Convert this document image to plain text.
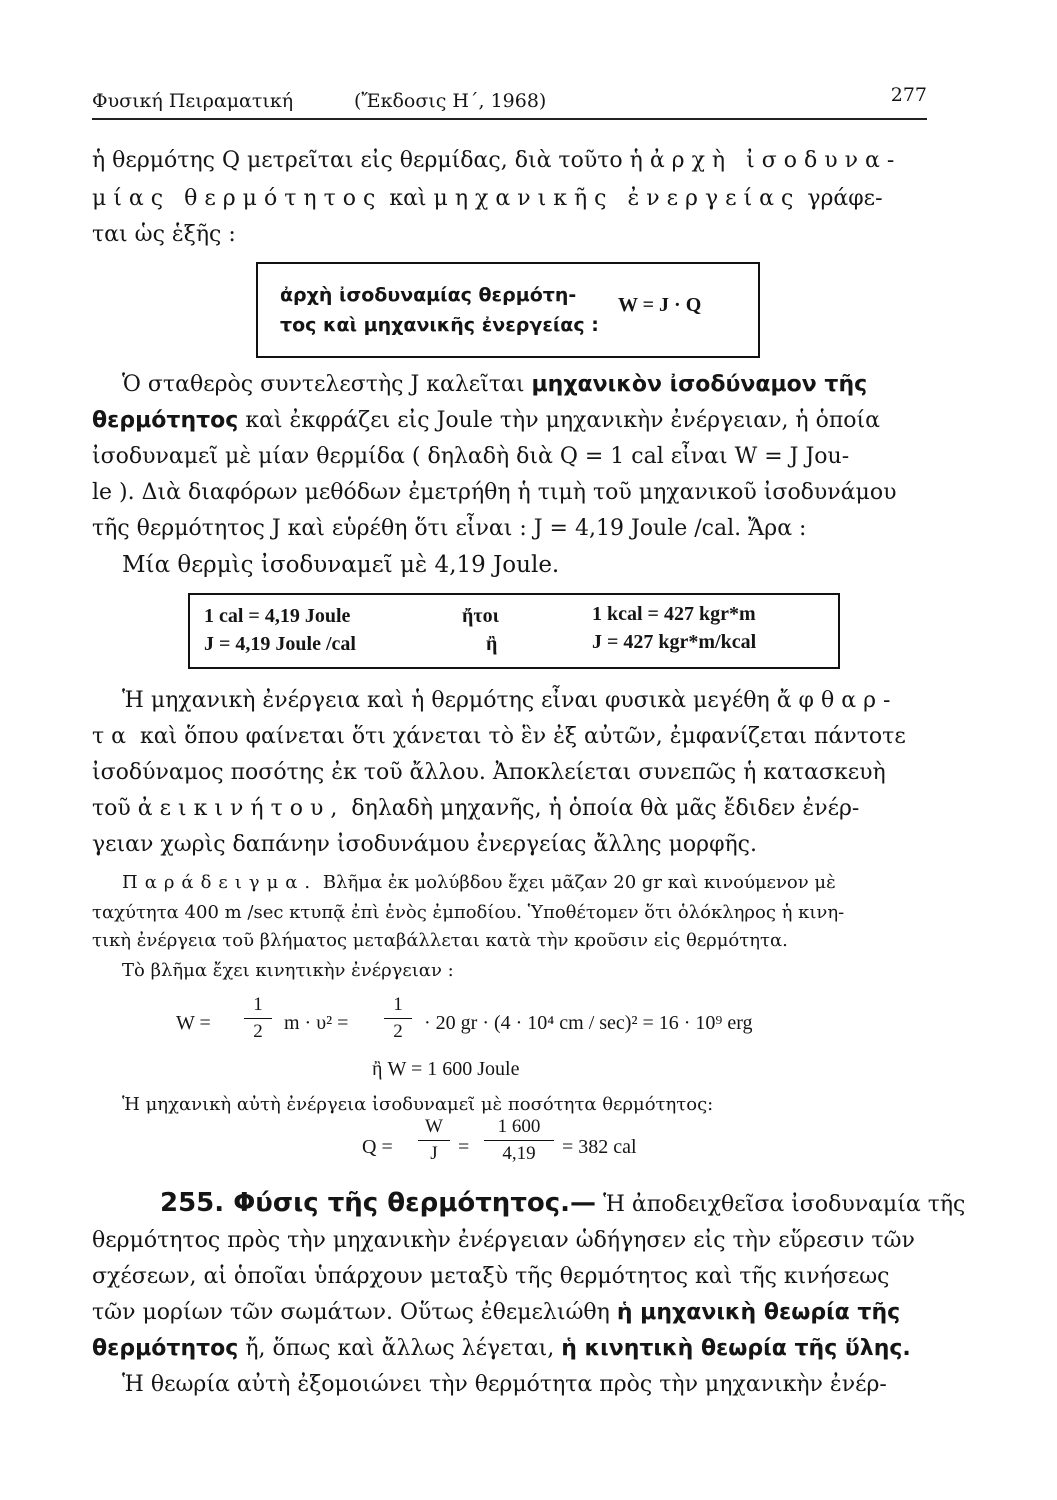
Φυσική Πειραματική	(Ἔκδοσις Η΄, 1968)	277
ἡ θερμότης Q μετρεῖται εἰς θερμίδας, διὰ τοῦτο ἡ ἀρχὴ ἰσοδυνα-
μίας θερμότητος καὶ μηχανικῆς ἐνεργείας γράφε-
ται ὡς ἑξῆς :
ἀρχὴ ἰσοδυναμίας θερμότη-
τος καὶ μηχανικῆς ἐνεργείας :
W = J · Q
Ὁ σταθερὸς συντελεστὴς J καλεῖται μηχανικὸν ἰσοδύναμον τῆς
θερμότητος καὶ ἐκφράζει εἰς Joule τὴν μηχανικὴν ἐνέργειαν, ἡ ὁποία
ἰσοδυναμεῖ μὲ μίαν θερμίδα ( δηλαδὴ διὰ Q = 1 cal εἶναι W = J Jou-
le ). Διὰ διαφόρων μεθόδων ἐμετρήθη ἡ τιμὴ τοῦ μηχανικοῦ ἰσοδυνάμου
τῆς θερμότητος J καὶ εὑρέθη ὅτι εἶναι : J = 4,19 Joule /cal. Ἄρα :
Μία θερμὶς ἰσοδυναμεῖ μὲ 4,19 Joule.
1 cal = 4,19 Joule	ἤτοι	1 kcal = 427 kgr*m
J = 4,19 Joule /cal	ἢ	J = 427 kgr*m/kcal
Ἡ μηχανικὴ ἐνέργεια καὶ ἡ θερμότης εἶναι φυσικὰ μεγέθη ἄφθαρ-
τα καὶ ὅπου φαίνεται ὅτι χάνεται τὸ ἓν ἐξ αὐτῶν, ἐμφανίζεται πάντοτε
ἰσοδύναμος ποσότης ἐκ τοῦ ἄλλου. Ἀποκλείεται συνεπῶς ἡ κατασκευὴ
τοῦ ἀεικινήτου, δηλαδὴ μηχανῆς, ἡ ὁποία θὰ μᾶς ἔδιδεν ἐνέρ-
γειαν χωρὶς δαπάνην ἰσοδυνάμου ἐνεργείας ἄλλης μορφῆς.
Παράδειγμα. Βλῆμα ἐκ μολύβδου ἔχει μᾶζαν 20 gr καὶ κινούμενον μὲ
ταχύτητα 400 m /sec κτυπᾷ ἐπὶ ἑνὸς ἐμποδίου. Ὑποθέτομεν ὅτι ὁλόκληρος ἡ κινη-
τικὴ ἐνέργεια τοῦ βλήματος μεταβάλλεται κατὰ τὴν κροῦσιν εἰς θερμότητα.
Τὸ βλῆμα ἔχει κινητικὴν ἐνέργειαν :
W =
1
2	m · υ² =
1
2	· 20 gr · (4 · 10⁴ cm / sec)² = 16 · 10⁹ erg
ἢ W = 1 600 Joule
Ἡ μηχανικὴ αὐτὴ ἐνέργεια ἰσοδυναμεῖ μὲ ποσότητα θερμότητος:
Q =
W
J	=
1 600
4,19	= 382 cal
255. Φύσις τῆς θερμότητος.— Ἡ ἀποδειχθεῖσα ἰσοδυναμία τῆς
θερμότητος πρὸς τὴν μηχανικὴν ἐνέργειαν ὡδήγησεν εἰς τὴν εὕρεσιν τῶν
σχέσεων, αἱ ὁποῖαι ὑπάρχουν μεταξὺ τῆς θερμότητος καὶ τῆς κινήσεως
τῶν μορίων τῶν σωμάτων. Οὕτως ἐθεμελιώθη ἡ μηχανικὴ θεωρία τῆς
θερμότητος ἤ, ὅπως καὶ ἄλλως λέγεται, ἡ κινητικὴ θεωρία τῆς ὕλης.
Ἡ θεωρία αὐτὴ ἐξομοιώνει τὴν θερμότητα πρὸς τὴν μηχανικὴν ἐνέρ-
